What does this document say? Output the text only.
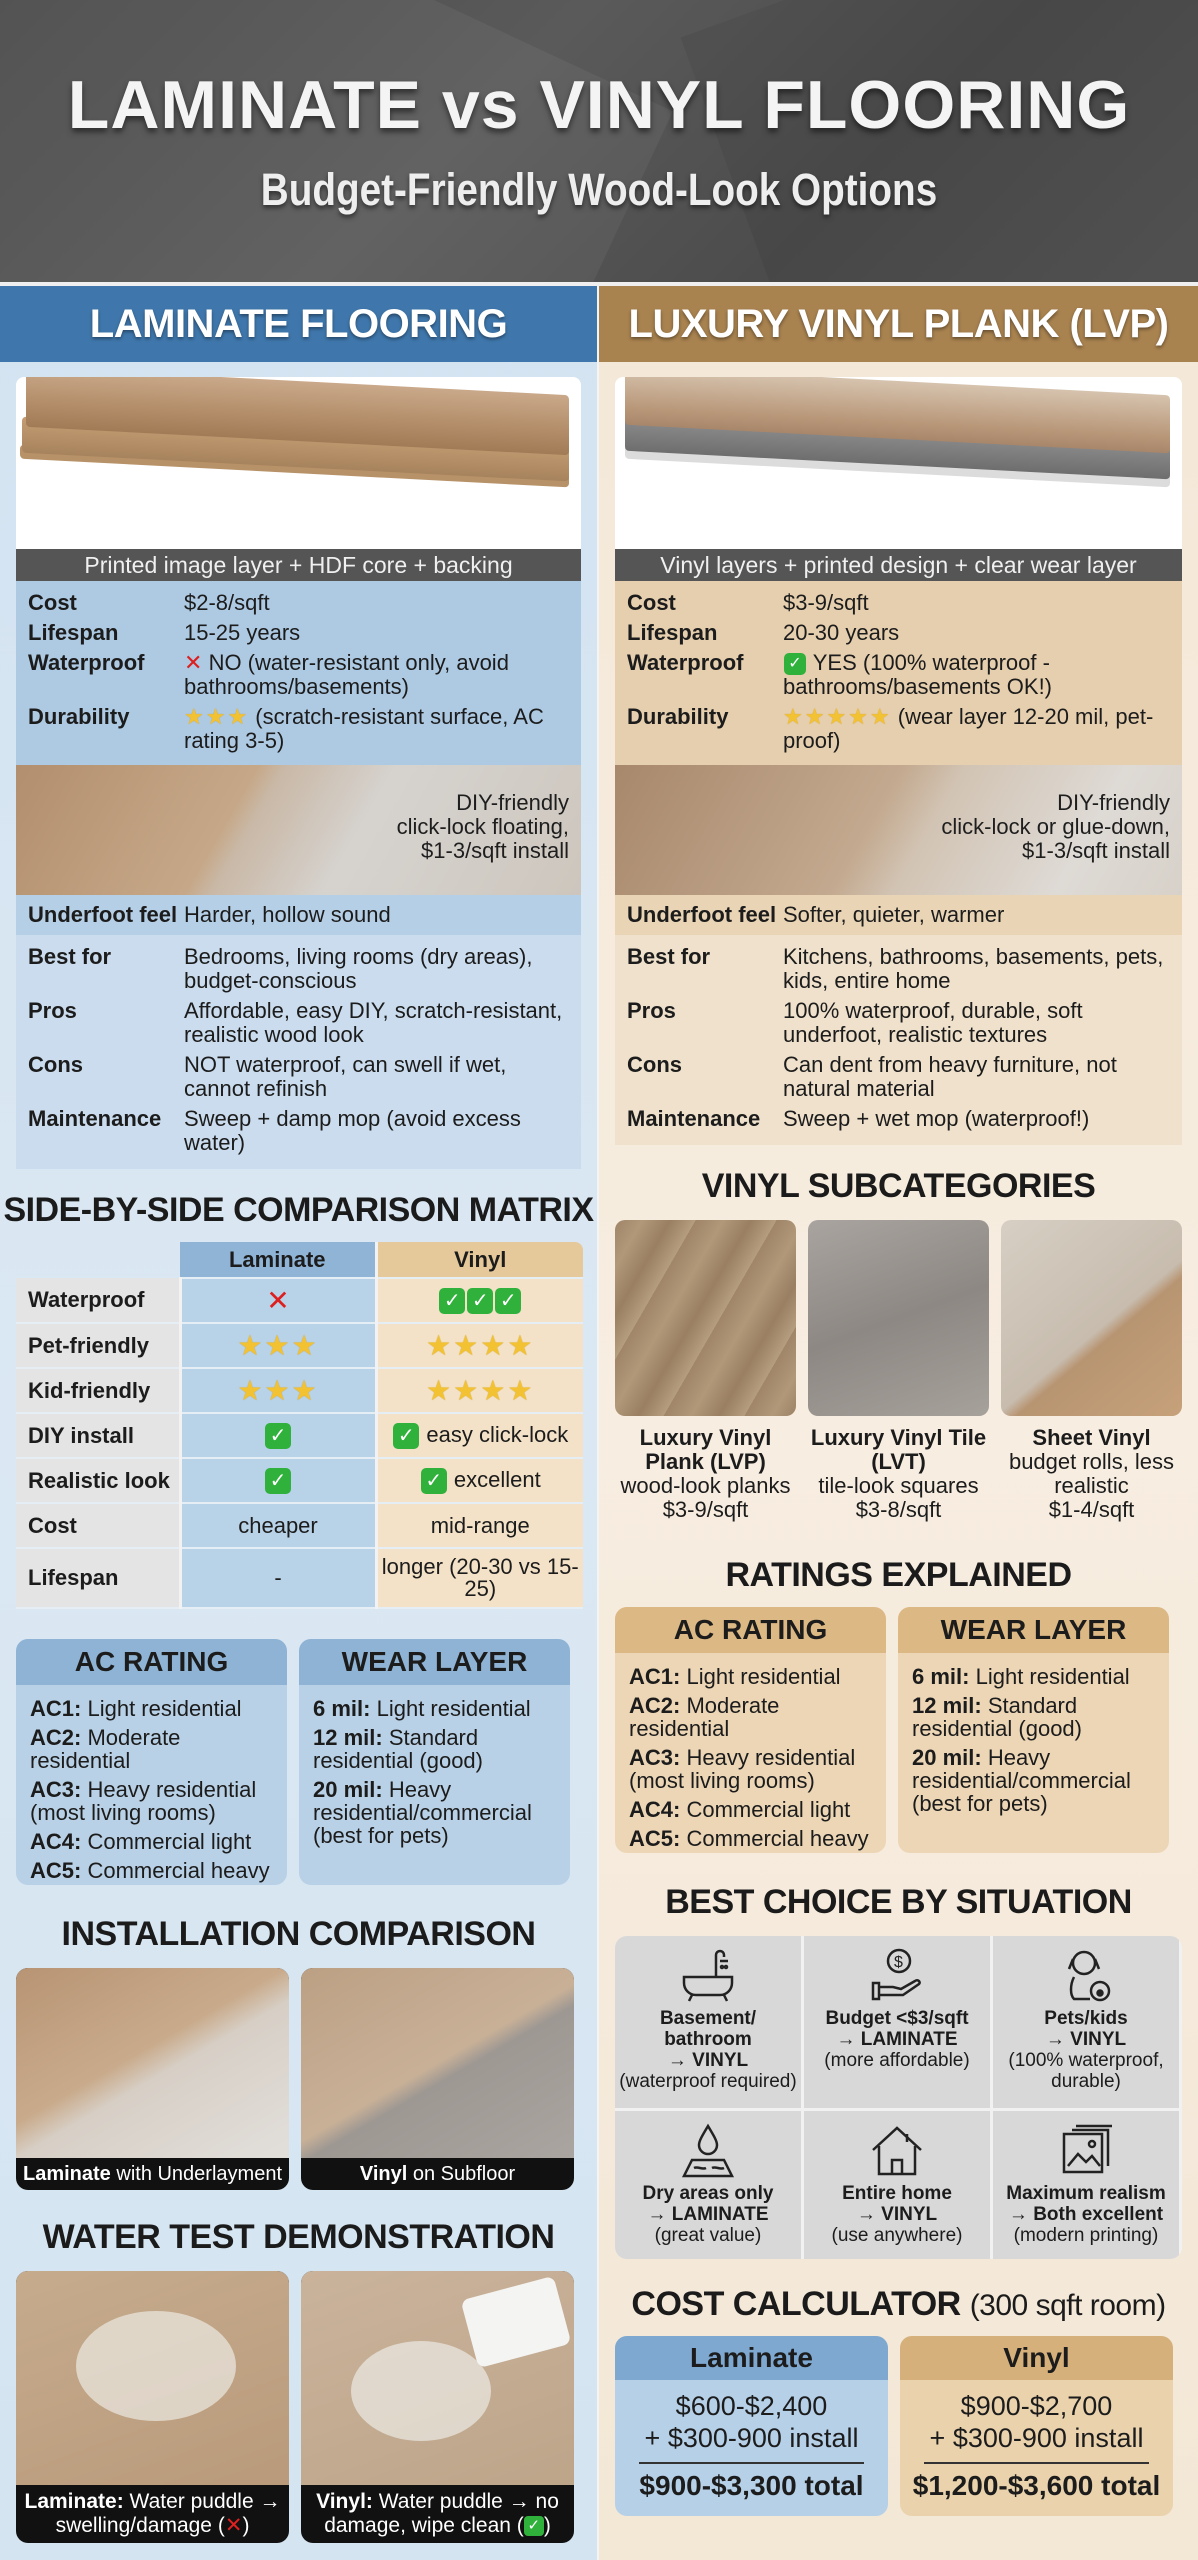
LAMINATE vs VINYL FLOORING
Budget-Friendly Wood-Look Options
LAMINATE FLOORING
Printed image layer + HDF core + backing
Cost	$2-8/sqft
Lifespan	15-25 years
Waterproof	✕ NO (water-resistant only, avoid bathrooms/basements)
Durability	★★★ (scratch-resistant surface, AC rating 3-5)
DIY-friendly
click-lock floating,
$1-3/sqft install
Underfoot feel Harder, hollow sound
Best for	Bedrooms, living rooms (dry areas), budget-conscious
Pros	Affordable, easy DIY, scratch-resistant, realistic wood look
Cons	NOT waterproof, can swell if wet, cannot refinish
Maintenance	Sweep + damp mop (avoid excess water)
SIDE-BY-SIDE COMPARISON MATRIX
	Laminate	Vinyl
Waterproof	✕	✓ ✓ ✓
Pet-friendly	★★★	★★★★
Kid-friendly	★★★	★★★★
DIY install	✓	✓ easy click-lock
Realistic look	✓	✓ excellent
Cost	cheaper	mid-range
Lifespan	-	longer (20-30 vs 15-25)
AC RATING

AC1: Light residential

AC2: Moderate residential

AC3: Heavy residential (most living rooms)

AC4: Commercial light

AC5: Commercial heavy

WEAR LAYER

6 mil: Light residential

12 mil: Standard residential (good)

20 mil: Heavy residential/commercial (best for pets)

INSTALLATION COMPARISON
Laminate with Underlayment	Vinyl on Subfloor
WATER TEST DEMONSTRATION
Laminate: Water puddle → swelling/damage (✕)
Vinyl: Water puddle → no damage, wipe clean ( ✓ )
LUXURY VINYL PLANK (LVP)
Vinyl layers + printed design + clear wear layer
Cost	$3-9/sqft
Lifespan	20-30 years
Waterproof	✓ YES (100% waterproof - bathrooms/basements OK!)
Durability	★★★★★ (wear layer 12-20 mil, pet-proof)
DIY-friendly
click-lock or glue-down,
$1-3/sqft install
Underfoot feel Softer, quieter, warmer
Best for	Kitchens, bathrooms, basements, pets, kids, entire home
Pros	100% waterproof, durable, soft underfoot, realistic textures
Cons	Can dent from heavy furniture, not natural material
Maintenance	Sweep + wet mop (waterproof!)
VINYL SUBCATEGORIES
Luxury Vinyl Plank (LVP)
wood-look planks
$3-9/sqft
Luxury Vinyl Tile (LVT)
tile-look squares
$3-8/sqft
Sheet Vinyl
budget rolls, less realistic
$1-4/sqft
RATINGS EXPLAINED
AC RATING

AC1: Light residential

AC2: Moderate residential

AC3: Heavy residential (most living rooms)

AC4: Commercial light

AC5: Commercial heavy

WEAR LAYER

6 mil: Light residential

12 mil: Standard residential (good)

20 mil: Heavy residential/commercial (best for pets)

BEST CHOICE BY SITUATION
Basement/ bathroom
→ VINYL
(waterproof required)
$
Budget <$3/sqft
→ LAMINATE
(more affordable)
Pets/kids
→ VINYL
(100% waterproof, durable)
Dry areas only
→ LAMINATE
(great value)
Entire home
→ VINYL
(use anywhere)
Maximum realism
→ Both excellent
(modern printing)
COST CALCULATOR (300 sqft room)
Laminate
$600-$2,400
+ $300-900 install
$900-$3,300 total
Vinyl
$900-$2,700
+ $300-900 install
$1,200-$3,600 total
